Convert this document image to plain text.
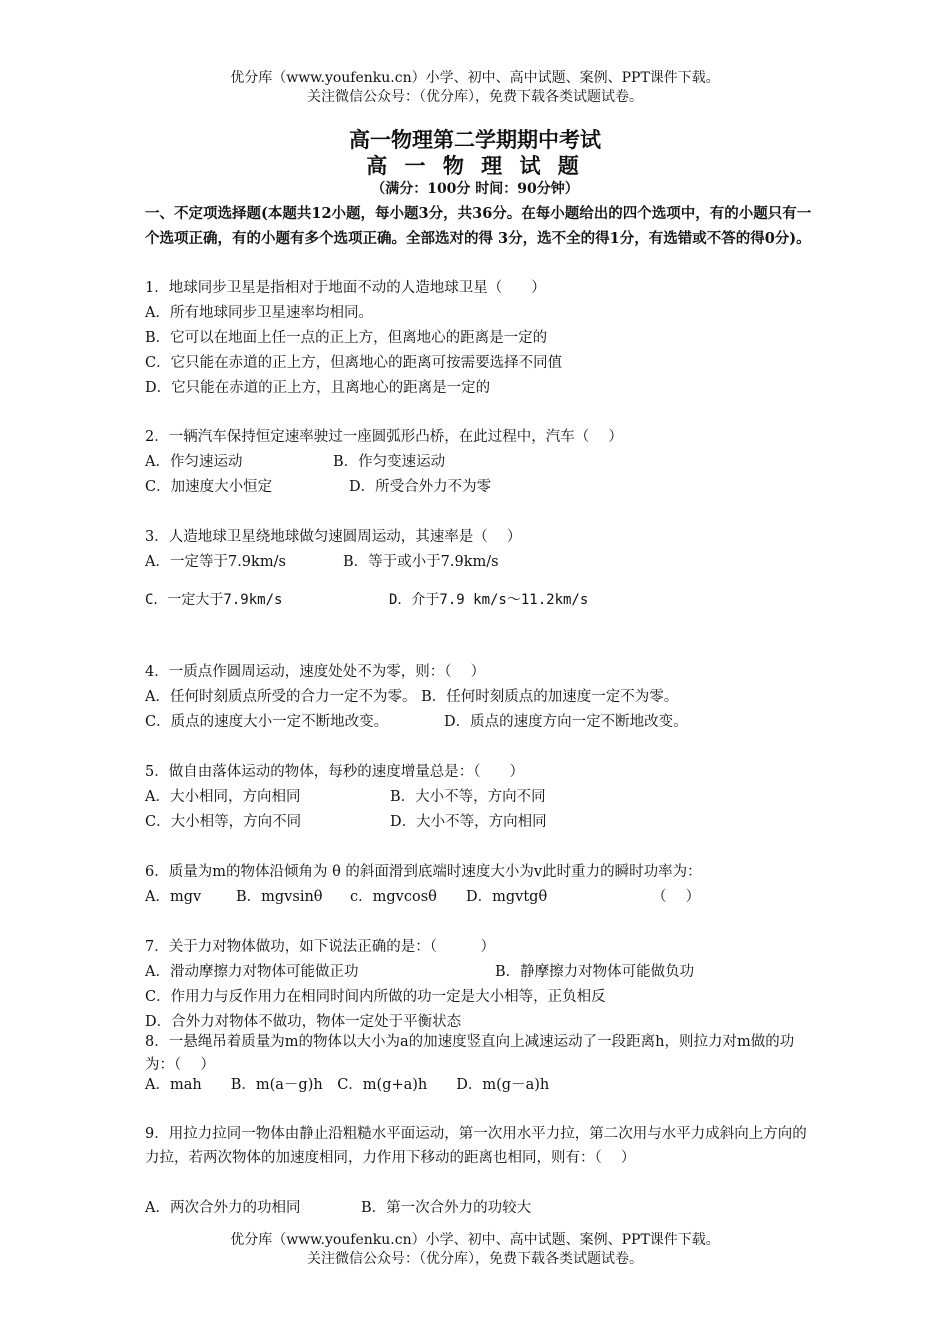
优分库（www.youfenku.cn）小学、初中、高中试题、案例、PPT课件下载。
关注微信公众号：（优分库），免费下载各类试题试卷。
高一物理第二学期期中考试
高 一 物 理 试 题
（满分：100分 时间：90分钟）
一、不定项选择题(本题共12小题，每小题3分，共36分。在每小题给出的四个选项中，有的小题只有一个选项正确，有的小题有多个选项正确。全部选对的得 3分，选不全的得1分，有选错或不答的得0分)。
1．地球同步卫星是指相对于地面不动的人造地球卫星（　　）
A．所有地球同步卫星速率均相同。
B．它可以在地面上任一点的正上方，但离地心的距离是一定的
C．它只能在赤道的正上方，但离地心的距离可按需要选择不同值
D．它只能在赤道的正上方，且离地心的距离是一定的
2．一辆汽车保持恒定速率驶过一座圆弧形凸桥，在此过程中，汽车（　 ）
A．作匀速运动	B．作匀变速运动
C．加速度大小恒定	D．所受合外力不为零
3．人造地球卫星绕地球做匀速圆周运动，其速率是（　 ）
A．一定等于7.9km/s	B．等于或小于7.9km/s
C．一定大于7.9km/s	D．介于7.9 km/s～11.2km/s
4．一质点作圆周运动，速度处处不为零，则：（　 ）
A．任何时刻质点所受的合力一定不为零。 B．任何时刻质点的加速度一定不为零。
C．质点的速度大小一定不断地改变。	D．质点的速度方向一定不断地改变。
5．做自由落体运动的物体，每秒的速度增量总是：（　　）
A．大小相同，方向相同	B．大小不等，方向不同
C．大小相等，方向不同	D．大小不等，方向相同
6．质量为m的物体沿倾角为 θ 的斜面滑到底端时速度大小为v此时重力的瞬时功率为：
A．mgv B．mgvsinθ c．mgvcosθ D．mgvtgθ	（　 ）
7．关于力对物体做功，如下说法正确的是：（　　　）
A．滑动摩擦力对物体可能做正功	B．静摩擦力对物体可能做负功
C．作用力与反作用力在相同时间内所做的功一定是大小相等，正负相反
D．合外力对物体不做功，物体一定处于平衡状态
8．一悬绳吊着质量为m的物体以大小为a的加速度竖直向上减速运动了一段距离h，则拉力对m做的功为：（　 ）
A．mah　　B．m(a－g)h　C．m(g+a)h　　D．m(g－a)h
9．用拉力拉同一物体由静止沿粗糙水平面运动，第一次用水平力拉，第二次用与水平力成斜向上方向的力拉，若两次物体的加速度相同，力作用下移动的距离也相同，则有：（　 ）
A．两次合外力的功相同	B．第一次合外力的功较大
优分库（www.youfenku.cn）小学、初中、高中试题、案例、PPT课件下载。
关注微信公众号：（优分库），免费下载各类试题试卷。
